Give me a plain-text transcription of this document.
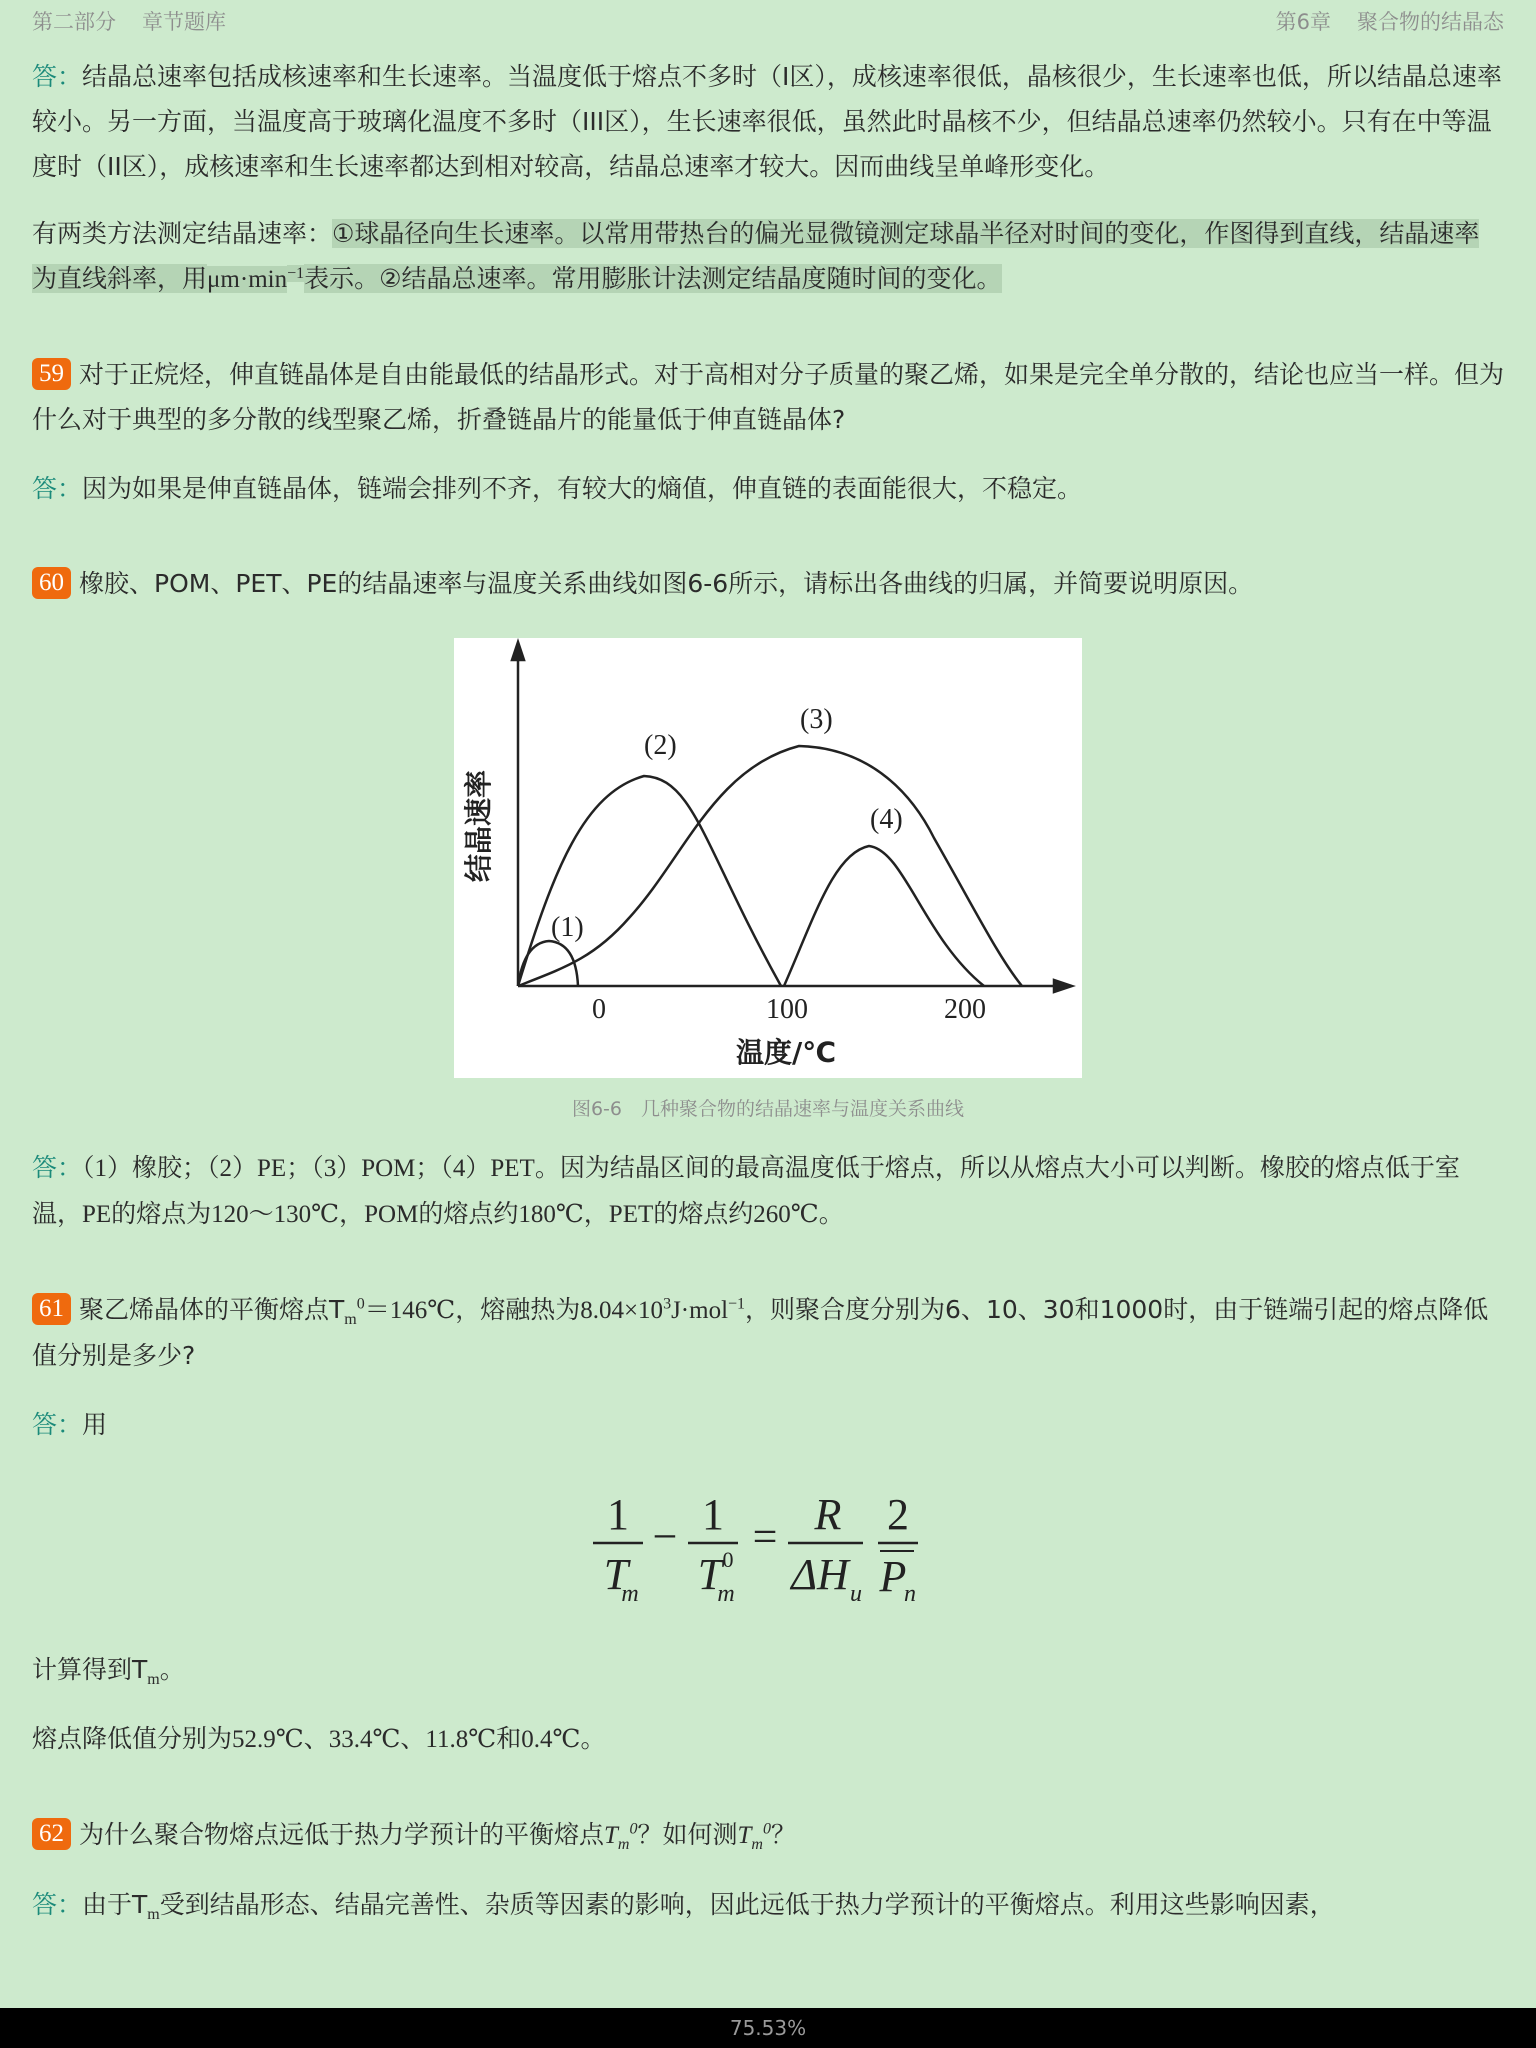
第二部分 章节题库	第6章 聚合物的结晶态

答：结晶总速率包括成核速率和生长速率。当温度低于熔点不多时（I区），成核速率很低，晶核很少，生长速率也低，所以结晶总速率较小。另一方面，当温度高于玻璃化温度不多时（III区），生长速率很低，虽然此时晶核不少，但结晶总速率仍然较小。只有在中等温度时（II区），成核速率和生长速率都达到相对较高，结晶总速率才较大。因而曲线呈单峰形变化。

有两类方法测定结晶速率：①球晶径向生长速率。以常用带热台的偏光显微镜测定球晶半径对时间的变化，作图得到直线，结晶速率为直线斜率，用$\mu m\cdot\min^{-1}$表示。②结晶总速率。常用膨胀计法测定结晶度随时间的变化。

59 对于正烷烃，伸直链晶体是自由能最低的结晶形式。对于高相对分子质量的聚乙烯，如果是完全单分散的，结论也应当一样。但为什么对于典型的多分散的线型聚乙烯，折叠链晶片的能量低于伸直链晶体?

答：因为如果是伸直链晶体，链端会排列不齐，有较大的熵值，伸直链的表面能很大，不稳定。

60 橡胶、POM、PET、PE的结晶速率与温度关系曲线如图6-6所示，请标出各曲线的归属，并简要说明原因。

(1)
(2)
(3)
(4)
0	100	200
温度/℃
结晶速率
图6-6　几种聚合物的结晶速率与温度关系曲线

答：（1）橡胶；（2）PE；（3）POM；（4）PET。因为结晶区间的最高温度低于熔点，所以从熔点大小可以判断。橡胶的熔点低于室温，PE的熔点为120～130℃，POM的熔点约180℃，PET的熔点约260℃。

61 聚乙烯晶体的平衡熔点$T_m^0=146℃$，熔融热为$8.04\times 10^3J\cdot mol^{-1}$，则聚合度分别为6、10、30和1000时，由于链端引起的熔点降低值分别是多少?

答：用

1
T
m
− 1
T
m
0 = R
ΔH u
2
P
n

计算得到$T_m$。

熔点降低值分别为52.9℃、33.4℃、11.8℃和0.4℃。

62 为什么聚合物熔点远低于热力学预计的平衡熔点$T_m^0$？如何测$T_m^0$？

答：由于$T_m$受到结晶形态、结晶完善性、杂质等因素的影响，因此远低于热力学预计的平衡熔点。利用这些影响因素，

75.53%
